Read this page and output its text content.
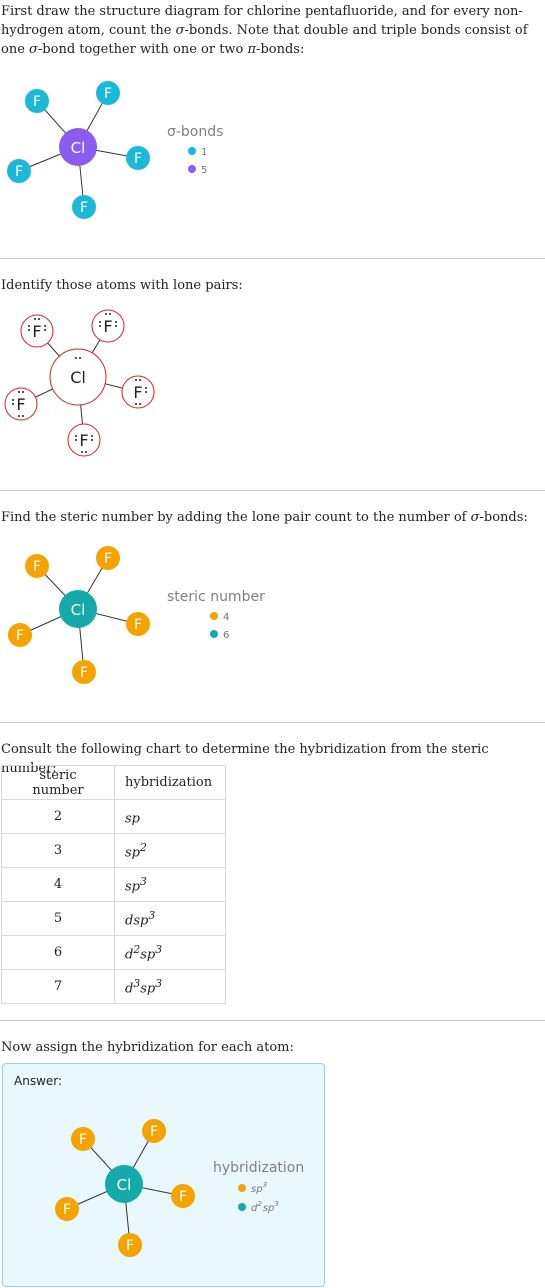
First draw the structure diagram for chlorine pentafluoride, and for every non-hydrogen atom, count the σ-bonds. Note that double and triple bonds consist of one σ-bond together with one or two π-bonds:

F	F
F
F
F
Cl
σ-bonds
1
5

Identify those atoms with lone pairs:

Cl
F	F
F
F
F

Find the steric number by adding the lone pair count to the number of σ-bonds:

F	F
F
F
F
Cl
steric number
4
6

Consult the following chart to determine the hybridization from the steric number:

steric number	hybridization
2	sp
3	$sp^2$
4	$sp^3$
5	dsp$^3$
6	$d^2sp^3$
7	$d^3sp^3$

Now assign the hybridization for each atom:

Answer:
F	F
F
F
F
Cl
hybridization
$sp^3$
$d^2sp^3$
